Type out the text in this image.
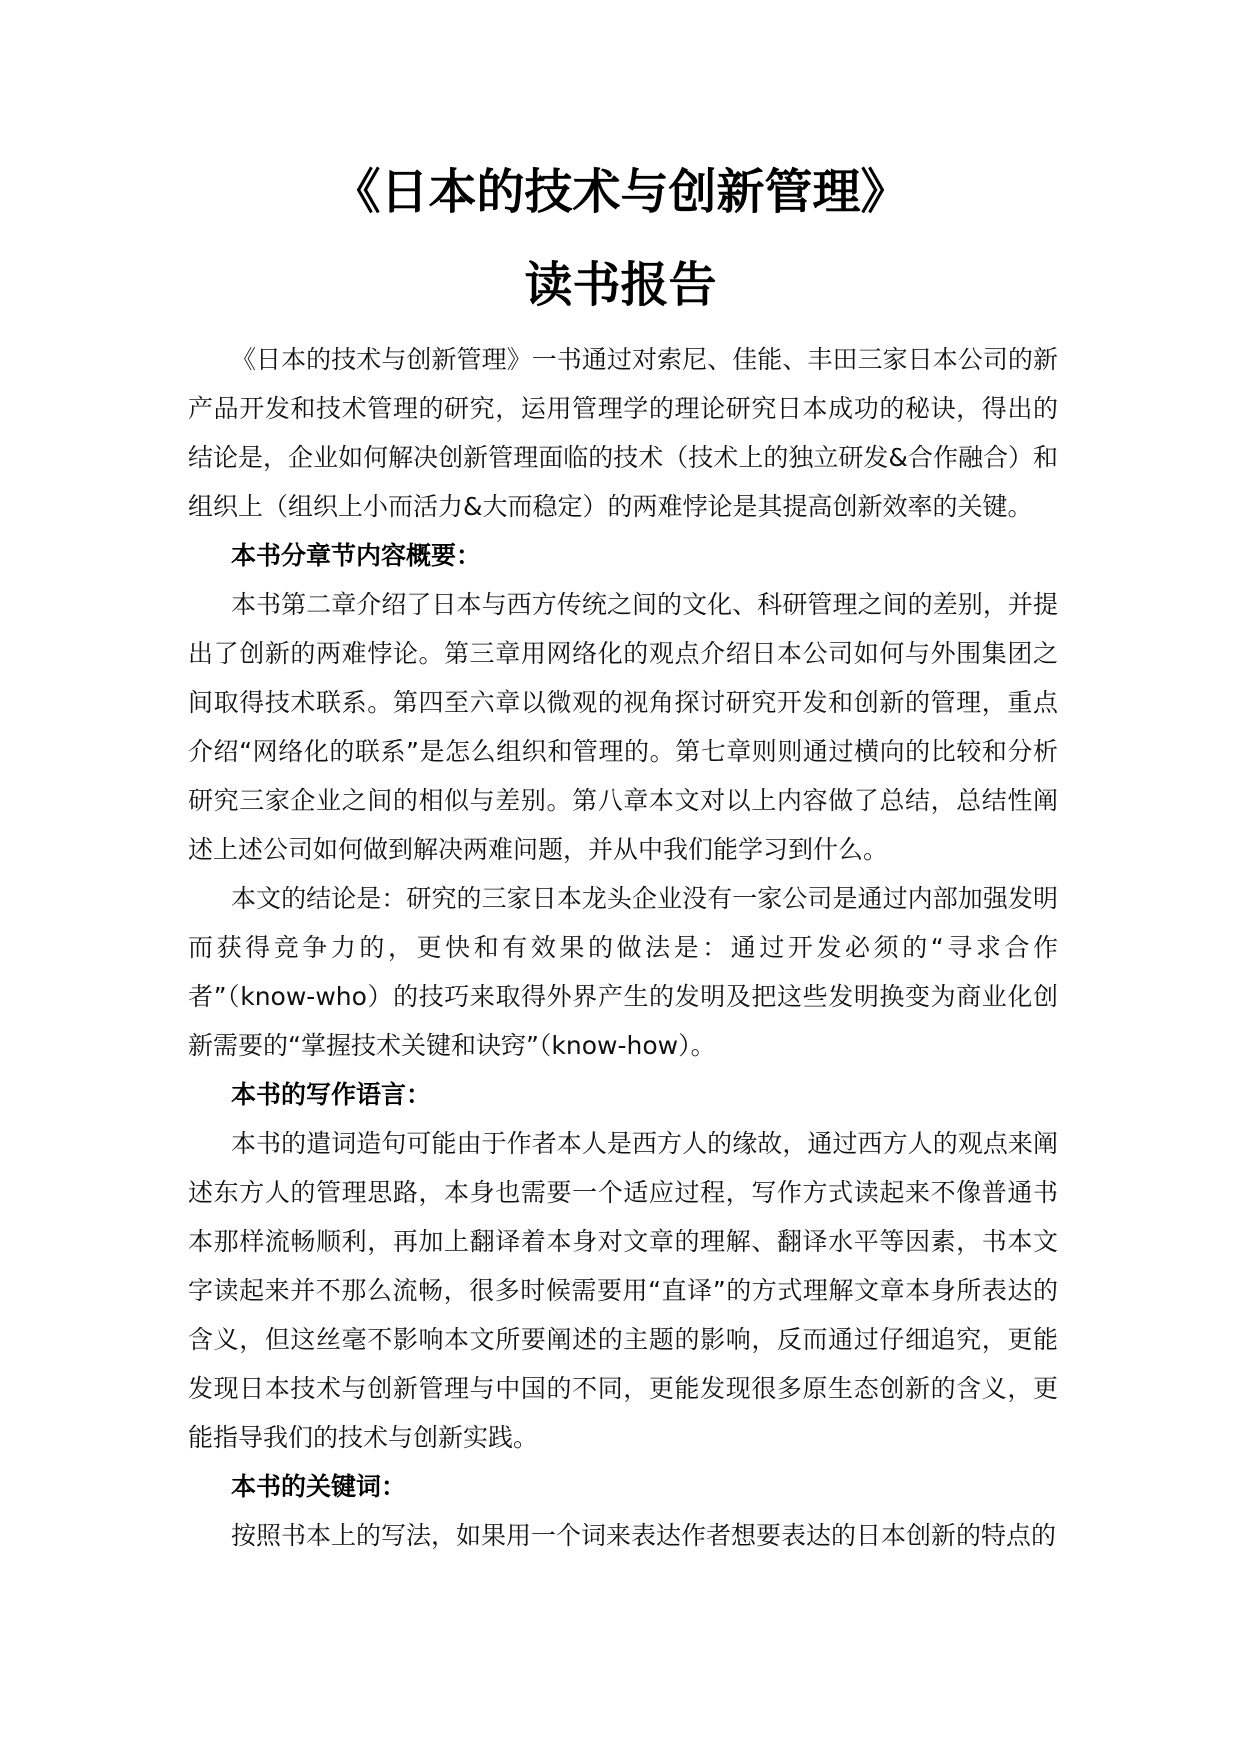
《日本的技术与创新管理》
读书报告

《日本的技术与创新管理》一书通过对索尼、佳能、丰田三家日本公司的新产品开发和技术管理的研究，运用管理学的理论研究日本成功的秘诀，得出的结论是，企业如何解决创新管理面临的技术（技术上的独立研发&合作融合）和组织上（组织上小而活力&大而稳定）的两难悖论是其提高创新效率的关键。

本书分章节内容概要：

本书第二章介绍了日本与西方传统之间的文化、科研管理之间的差别，并提出了创新的两难悖论。第三章用网络化的观点介绍日本公司如何与外围集团之间取得技术联系。第四至六章以微观的视角探讨研究开发和创新的管理，重点介绍“网络化的联系”是怎么组织和管理的。第七章则则通过横向的比较和分析研究三家企业之间的相似与差别。第八章本文对以上内容做了总结，总结性阐述上述公司如何做到解决两难问题，并从中我们能学习到什么。

本文的结论是：研究的三家日本龙头企业没有一家公司是通过内部加强发明而获得竞争力的，更快和有效果的做法是：通过开发必须的“寻求合作者”（know-who）的技巧来取得外界产生的发明及把这些发明换变为商业化创新需要的“掌握技术关键和诀窍”（know-how）。

本书的写作语言：

本书的遣词造句可能由于作者本人是西方人的缘故，通过西方人的观点来阐述东方人的管理思路，本身也需要一个适应过程，写作方式读起来不像普通书本那样流畅顺利，再加上翻译着本身对文章的理解、翻译水平等因素，书本文字读起来并不那么流畅，很多时候需要用“直译”的方式理解文章本身所表达的含义，但这丝毫不影响本文所要阐述的主题的影响，反而通过仔细追究，更能发现日本技术与创新管理与中国的不同，更能发现很多原生态创新的含义，更能指导我们的技术与创新实践。

本书的关键词：

按照书本上的写法，如果用一个词来表达作者想要表达的日本创新的特点的
